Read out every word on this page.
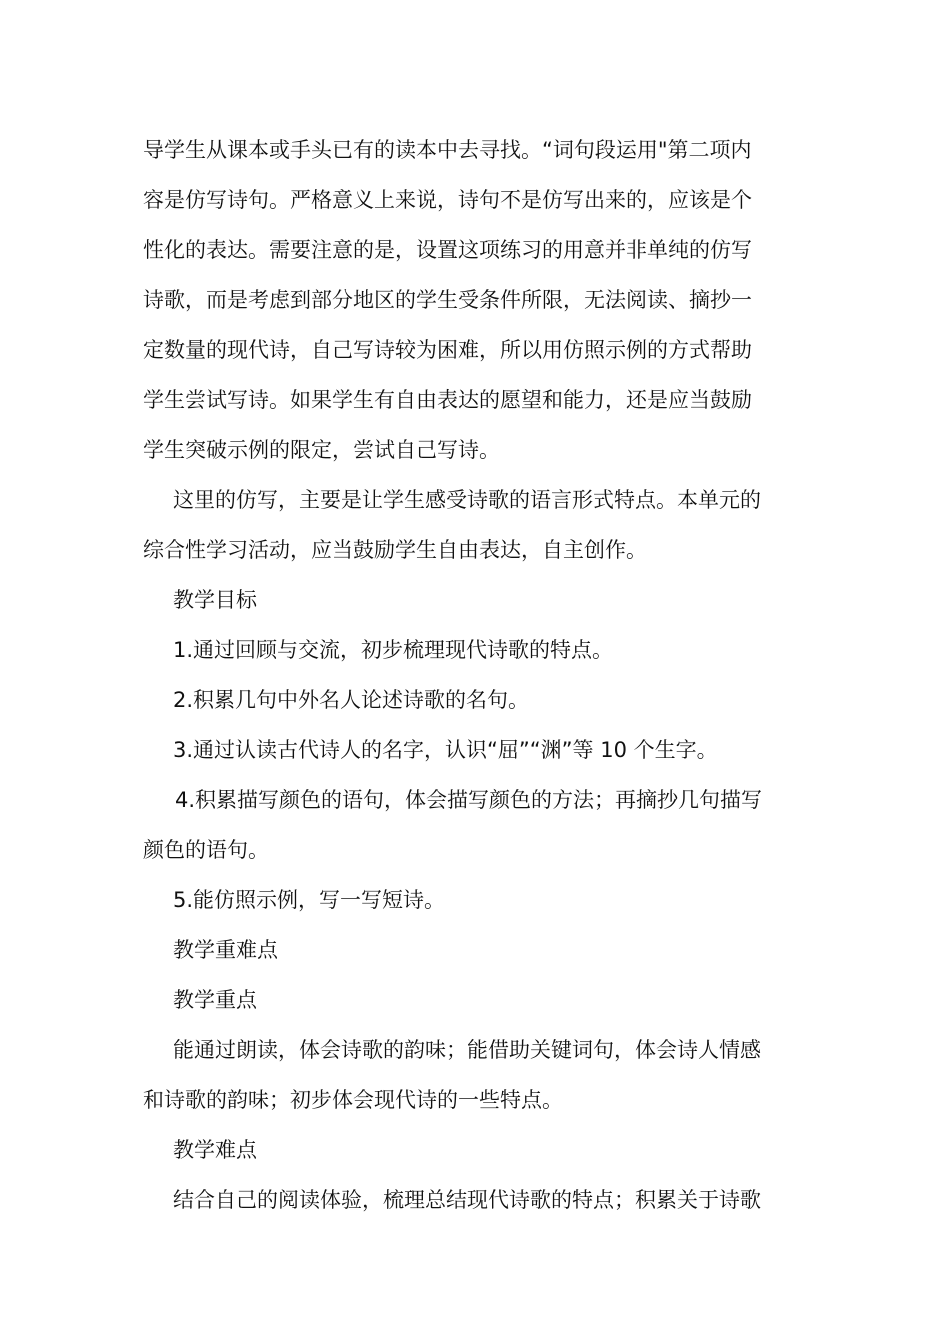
导学生从课本或手头已有的读本中去寻找。“词句段运用"第二项内
容是仿写诗句。严格意义上来说，诗句不是仿写出来的，应该是个
性化的表达。需要注意的是，设置这项练习的用意并非单纯的仿写
诗歌，而是考虑到部分地区的学生受条件所限，无法阅读、摘抄一
定数量的现代诗，自己写诗较为困难，所以用仿照示例的方式帮助
学生尝试写诗。如果学生有自由表达的愿望和能力，还是应当鼓励
学生突破示例的限定，尝试自己写诗。
这里的仿写，主要是让学生感受诗歌的语言形式特点。本单元的
综合性学习活动，应当鼓励学生自由表达，自主创作。
教学目标
1.通过回顾与交流，初步梳理现代诗歌的特点。
2.积累几句中外名人论述诗歌的名句。
3.通过认读古代诗人的名字，认识“屈”“渊”等 10 个生字。
4.积累描写颜色的语句，体会描写颜色的方法；再摘抄几句描写
颜色的语句。
5.能仿照示例，写一写短诗。
教学重难点
教学重点
能通过朗读，体会诗歌的韵味；能借助关键词句，体会诗人情感
和诗歌的韵味；初步体会现代诗的一些特点。
教学难点
结合自己的阅读体验，梳理总结现代诗歌的特点；积累关于诗歌
